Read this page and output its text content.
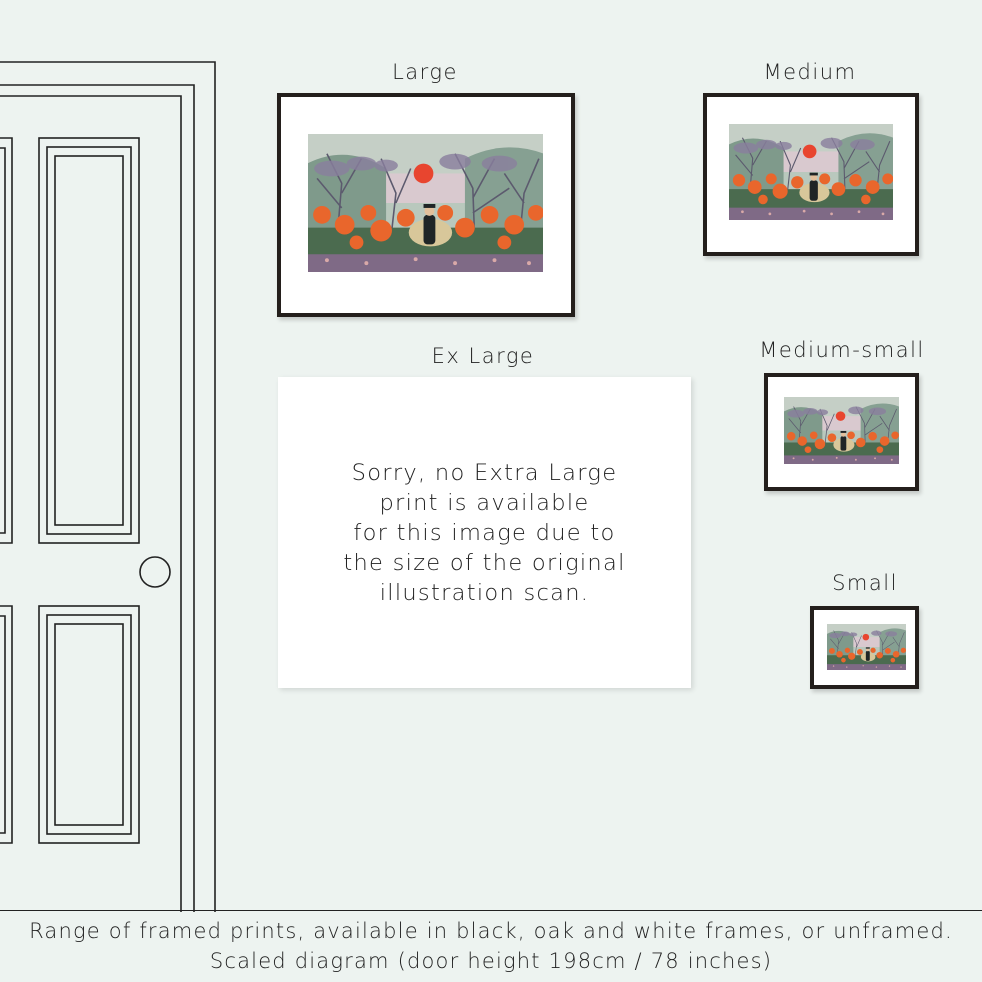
Large	Medium
Ex Large
Sorry, no Extra Large
print is available
for this image due to
the size of the original
illustration scan.
Medium-small
Small
Range of framed prints, available in black, oak and white frames, or unframed.
Scaled diagram (door height 198cm / 78 inches)
